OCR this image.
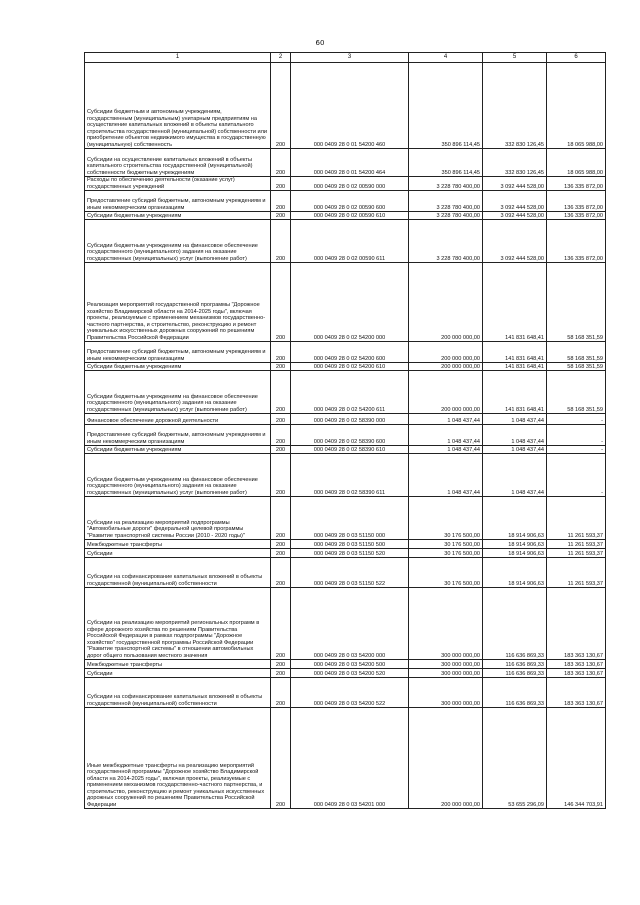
60
1	2	3	4	5	6
Субсидии бюджетным и автономным учреждениям, государственным (муниципальным) унитарным предприятиям на осуществление капитальных вложений в объекты капитального строительства государственной (муниципальной) собственности или приобретение объектов недвижимого имущества в государственную (муниципальную) собственность	200	000 0409 28 0 01 54200 460	350 896 114,45	332 830 126,45	18 065 988,00
Субсидии на осуществление капитальных вложений в объекты капитального строительства государственной (муниципальной) собственности бюджетным учреждениям	200	000 0409 28 0 01 54200 464	350 896 114,45	332 830 126,45	18 065 988,00
Расходы по обеспечению деятельности (оказание услуг) государственных учреждений	200	000 0409 28 0 02 00590 000	3 228 780 400,00	3 092 444 528,00	136 335 872,00
Предоставление субсидий бюджетным, автономным учреждениям и иным некоммерческим организациям	200	000 0409 28 0 02 00590 600	3 228 780 400,00	3 092 444 528,00	136 335 872,00
Субсидии бюджетным учреждениям	200	000 0409 28 0 02 00590 610	3 228 780 400,00	3 092 444 528,00	136 335 872,00
Субсидии бюджетным учреждениям на финансовое обеспечение государственного (муниципального) задания на оказание государственных (муниципальных) услуг (выполнение работ)	200	000 0409 28 0 02 00590 611	3 228 780 400,00	3 092 444 528,00	136 335 872,00
Реализация мероприятий государственной программы "Дорожное хозяйство Владимирской области на 2014-2025 годы", включая проекты, реализуемые с применением механизмов государственно-частного партнерства, и строительство, реконструкцию и ремонт уникальных искусственных дорожных сооружений по решениям Правительства Российской Федерации	200	000 0409 28 0 02 54200 000	200 000 000,00	141 831 648,41	58 168 351,59
Предоставление субсидий бюджетным, автономным учреждениям и иным некоммерческим организациям	200	000 0409 28 0 02 54200 600	200 000 000,00	141 831 648,41	58 168 351,59
Субсидии бюджетным учреждениям	200	000 0409 28 0 02 54200 610	200 000 000,00	141 831 648,41	58 168 351,59
Субсидии бюджетным учреждениям на финансовое обеспечение государственного (муниципального) задания на оказание государственных (муниципальных) услуг (выполнение работ)	200	000 0409 28 0 02 54200 611	200 000 000,00	141 831 648,41	58 168 351,59
Финансовое обеспечение дорожной деятельности	200	000 0409 28 0 02 58390 000	1 048 437,44	1 048 437,44	-
Предоставление субсидий бюджетным, автономным учреждениям и иным некоммерческим организациям	200	000 0409 28 0 02 58390 600	1 048 437,44	1 048 437,44	-
Субсидии бюджетным учреждениям	200	000 0409 28 0 02 58390 610	1 048 437,44	1 048 437,44	-
Субсидии бюджетным учреждениям на финансовое обеспечение государственного (муниципального) задания на оказание государственных (муниципальных) услуг (выполнение работ)	200	000 0409 28 0 02 58390 611	1 048 437,44	1 048 437,44	-
Субсидии на реализацию мероприятий подпрограммы "Автомобильные дороги" федеральной целевой программы "Развитие транспортной системы России (2010 - 2020 годы)"	200	000 0409 28 0 03 51150 000	30 176 500,00	18 914 906,63	11 261 593,37
Межбюджетные трансферты	200	000 0409 28 0 03 51150 500	30 176 500,00	18 914 906,63	11 261 593,37
Субсидии	200	000 0409 28 0 03 51150 520	30 176 500,00	18 914 906,63	11 261 593,37
Субсидии на софинансирование капитальных вложений в объекты государственной (муниципальной) собственности	200	000 0409 28 0 03 51150 522	30 176 500,00	18 914 906,63	11 261 593,37
Субсидии на реализацию мероприятий региональных программ в сфере дорожного хозяйства по решениям Правительства Российской Федерации в рамках подпрограммы "Дорожное хозяйство" государственной программы Российской Федерации "Развитие транспортной системы" в отношении автомобильных дорог общего пользования местного значения	200	000 0409 28 0 03 54200 000	300 000 000,00	116 636 869,33	183 363 130,67
Межбюджетные трансферты	200	000 0409 28 0 03 54200 500	300 000 000,00	116 636 869,33	183 363 130,67
Субсидии	200	000 0409 28 0 03 54200 520	300 000 000,00	116 636 869,33	183 363 130,67
Субсидии на софинансирование капитальных вложений в объекты государственной (муниципальной) собственности	200	000 0409 28 0 03 54200 522	300 000 000,00	116 636 869,33	183 363 130,67
Иные межбюджетные трансферты на реализацию мероприятий государственной программы "Дорожное хозяйство Владимирской области на 2014-2025 годы", включая проекты, реализуемые с применением механизмов государственно-частного партнерства, и строительство, реконструкцию и ремонт уникальных искусственных дорожных сооружений по решениям Правительства Российской Федерации	200	000 0409 28 0 03 54201 000	200 000 000,00	53 655 296,09	146 344 703,91
